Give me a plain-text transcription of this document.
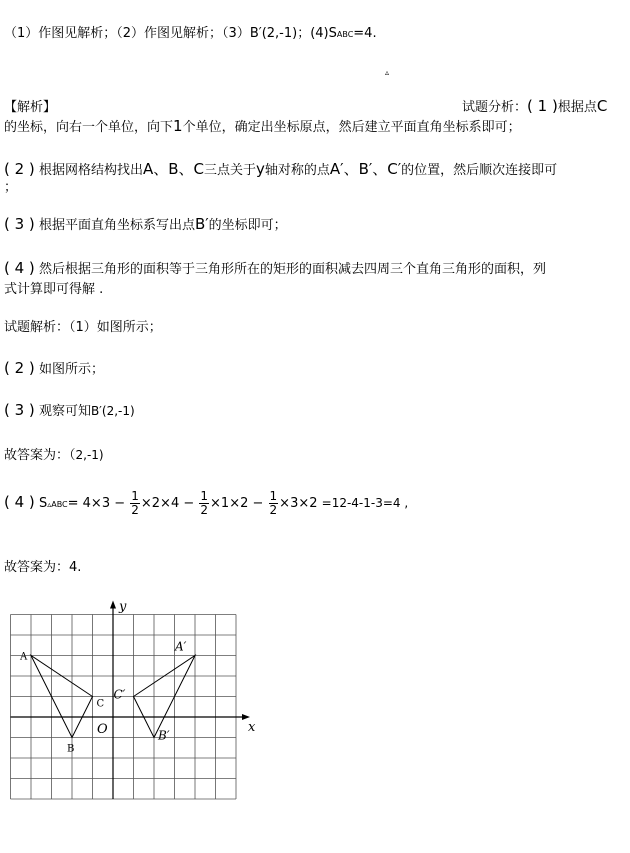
（1）作图见解析；（2）作图见解析；（3）B′(2,-1)；(4)SABC=4.
▵
【解析】	试题分析：( 1 )根据点C
的坐标，向右一个单位，向下1个单位，确定出坐标原点，然后建立平面直角坐标系即可；
( 2 ) 根据网格结构找出A、B、C三点关于y轴对称的点A′、B′、C′的位置，然后顺次连接即可
；
( 3 ) 根据平面直角坐标系写出点B′的坐标即可；
( 4 ) 然后根据三角形的面积等于三角形所在的矩形的面积减去四周三个直角三角形的面积，列
式计算即可得解 .
试题解析：（1）如图所示；
( 2 ) 如图所示；
( 3 ) 观察可知B′(2,-1)
故答案为：（2,-1)
( 4 ) S▵ABC= $4\times 3 - \frac{1}{2} \times 2\times 4 - \frac{1}{2} \times 1\times 2 - \frac{1}{2} \times 3\times 2 =12-4-1-3=4$ ,
故答案为：4.
y
x
O
A
B
C
A′
B′
C′
